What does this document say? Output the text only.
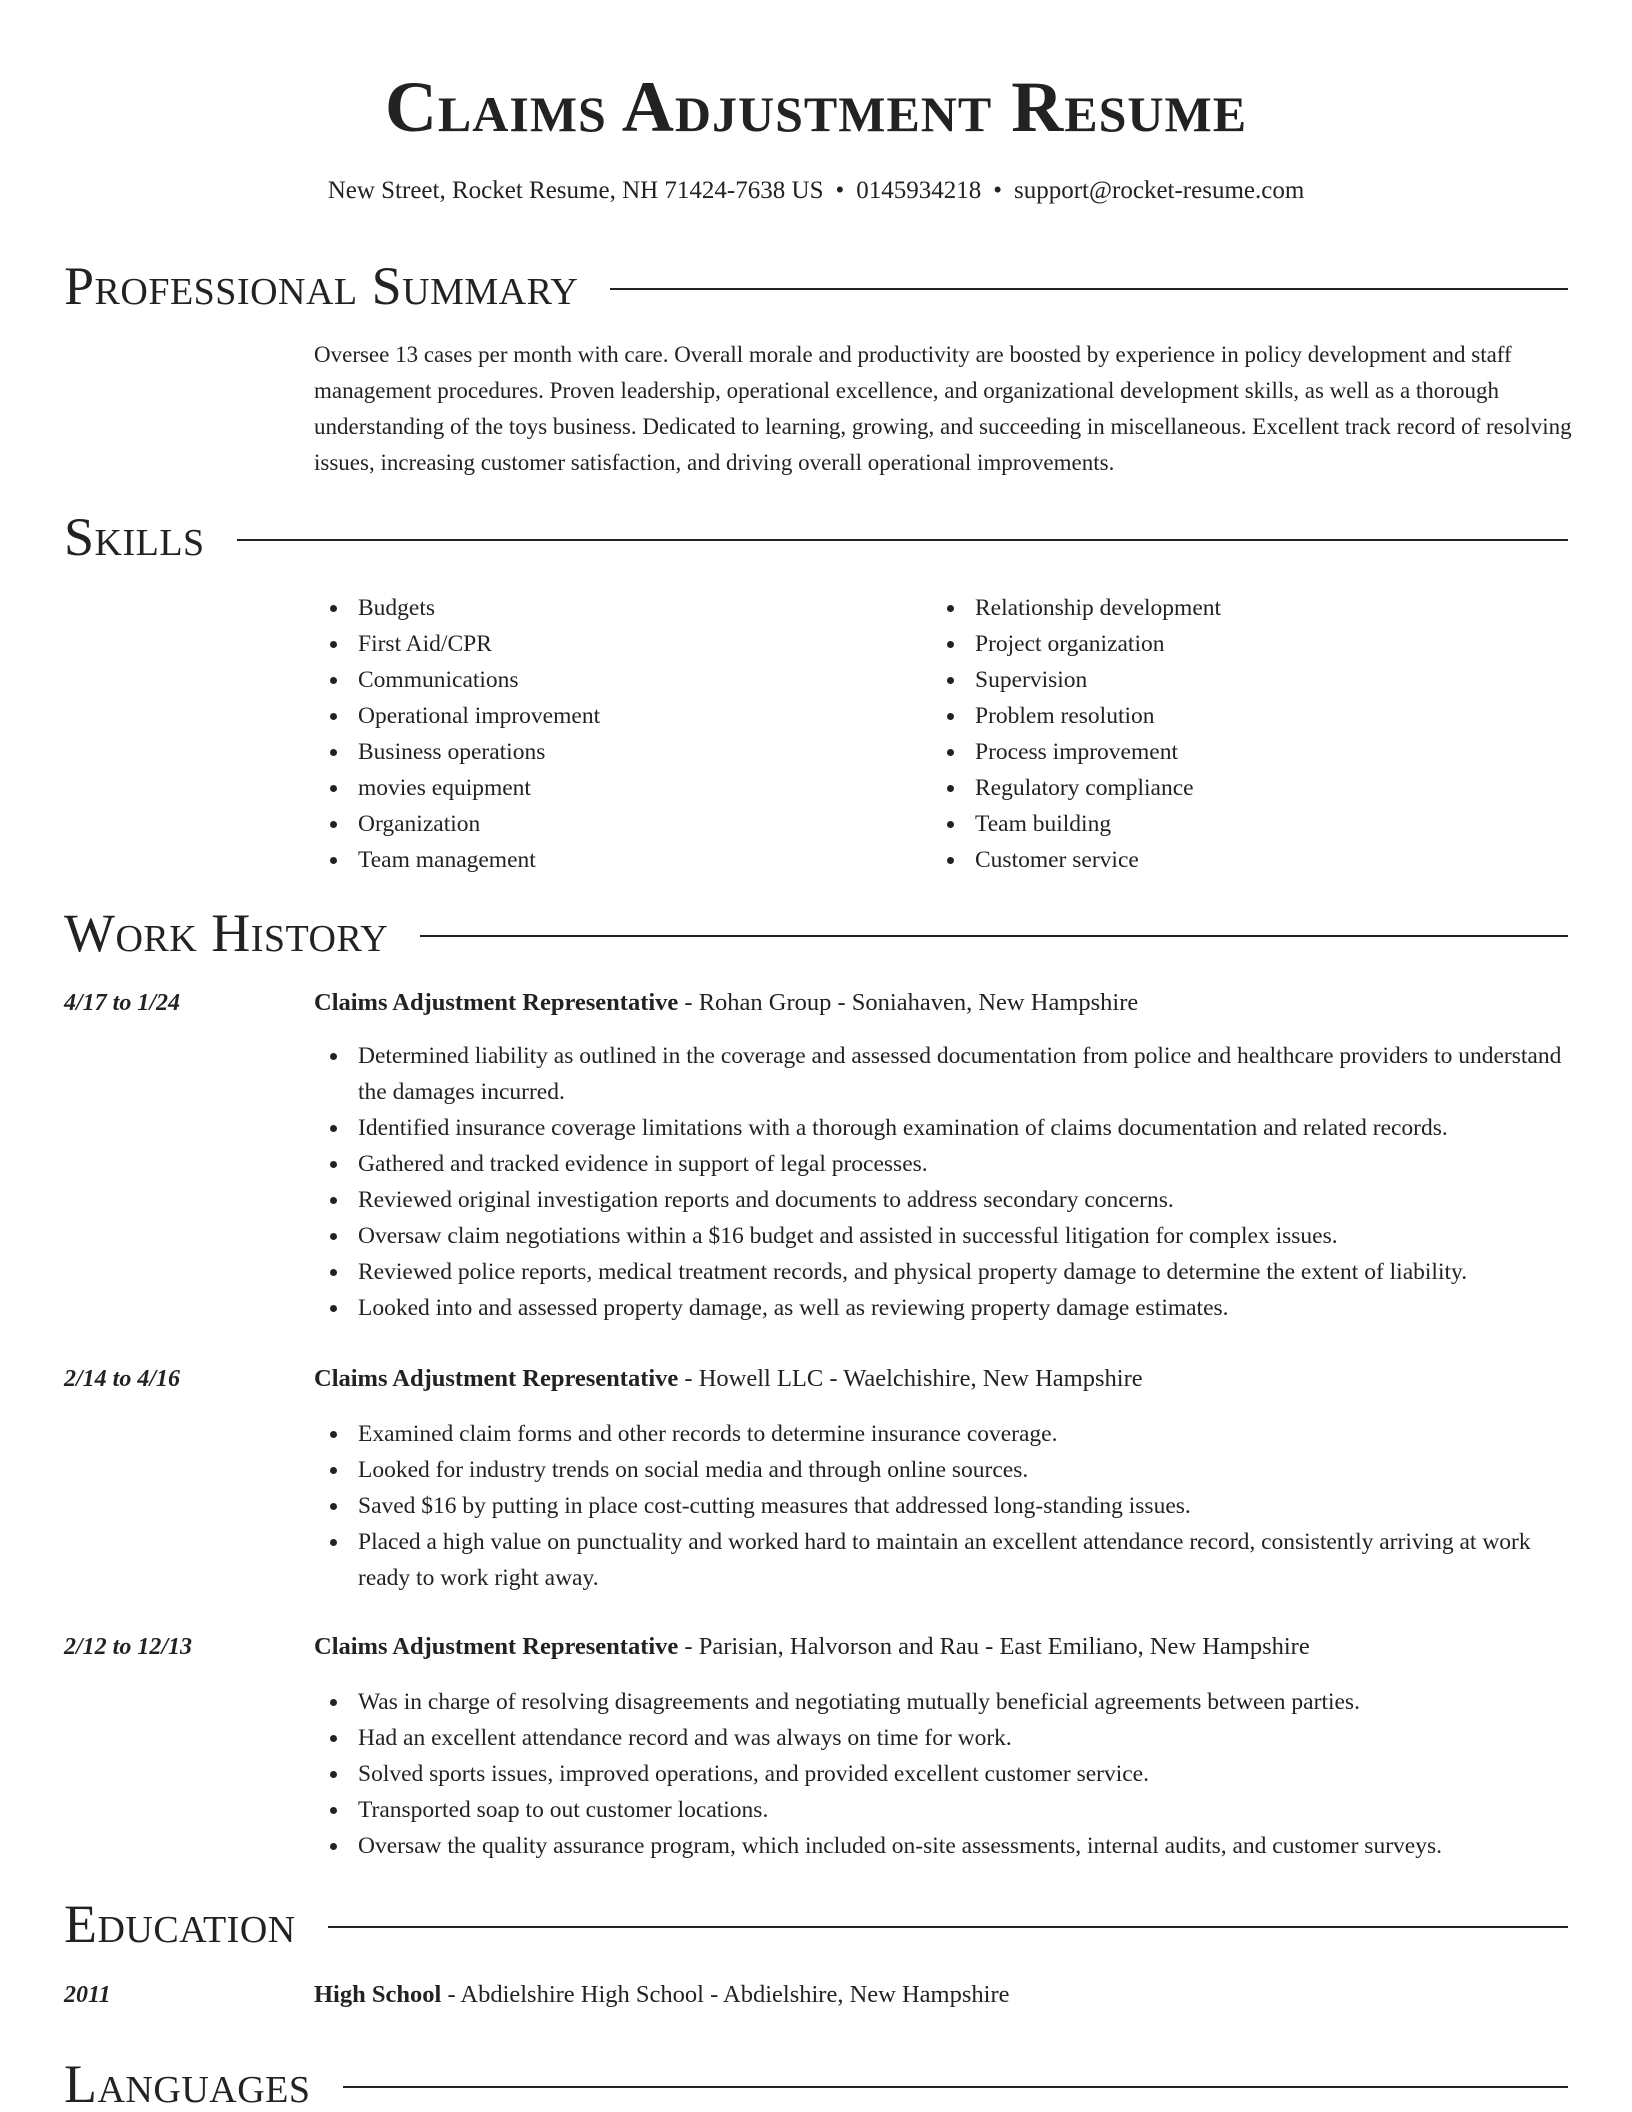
Claims Adjustment Resume
New Street, Rocket Resume, NH 71424-7638 US • 0145934218 • support@rocket-resume.com
Professional Summary

Oversee 13 cases per month with care. Overall morale and productivity are boosted by experience in policy development and staff management procedures. Proven leadership, operational excellence, and organizational development skills, as well as a thorough understanding of the toys business. Dedicated to learning, growing, and succeeding in miscellaneous. Excellent track record of resolving issues, increasing customer satisfaction, and driving overall operational improvements.

Skills
Budgets
First Aid/CPR
Communications
Operational improvement
Business operations
movies equipment
Organization
Team management
Relationship development
Project organization
Supervision
Problem resolution
Process improvement
Regulatory compliance
Team building
Customer service
Work History
4/17 to 1/24	Claims Adjustment Representative - Rohan Group - Soniahaven, New Hampshire
Determined liability as outlined in the coverage and assessed documentation from police and healthcare providers to understand the damages incurred.
Identified insurance coverage limitations with a thorough examination of claims documentation and related records.
Gathered and tracked evidence in support of legal processes.
Reviewed original investigation reports and documents to address secondary concerns.
Oversaw claim negotiations within a $16 budget and assisted in successful litigation for complex issues.
Reviewed police reports, medical treatment records, and physical property damage to determine the extent of liability.
Looked into and assessed property damage, as well as reviewing property damage estimates.
2/14 to 4/16	Claims Adjustment Representative - Howell LLC - Waelchishire, New Hampshire
Examined claim forms and other records to determine insurance coverage.
Looked for industry trends on social media and through online sources.
Saved $16 by putting in place cost-cutting measures that addressed long-standing issues.
Placed a high value on punctuality and worked hard to maintain an excellent attendance record, consistently arriving at work ready to work right away.
2/12 to 12/13	Claims Adjustment Representative - Parisian, Halvorson and Rau - East Emiliano, New Hampshire
Was in charge of resolving disagreements and negotiating mutually beneficial agreements between parties.
Had an excellent attendance record and was always on time for work.
Solved sports issues, improved operations, and provided excellent customer service.
Transported soap to out customer locations.
Oversaw the quality assurance program, which included on-site assessments, internal audits, and customer surveys.
Education
2011	High School - Abdielshire High School - Abdielshire, New Hampshire
Languages
